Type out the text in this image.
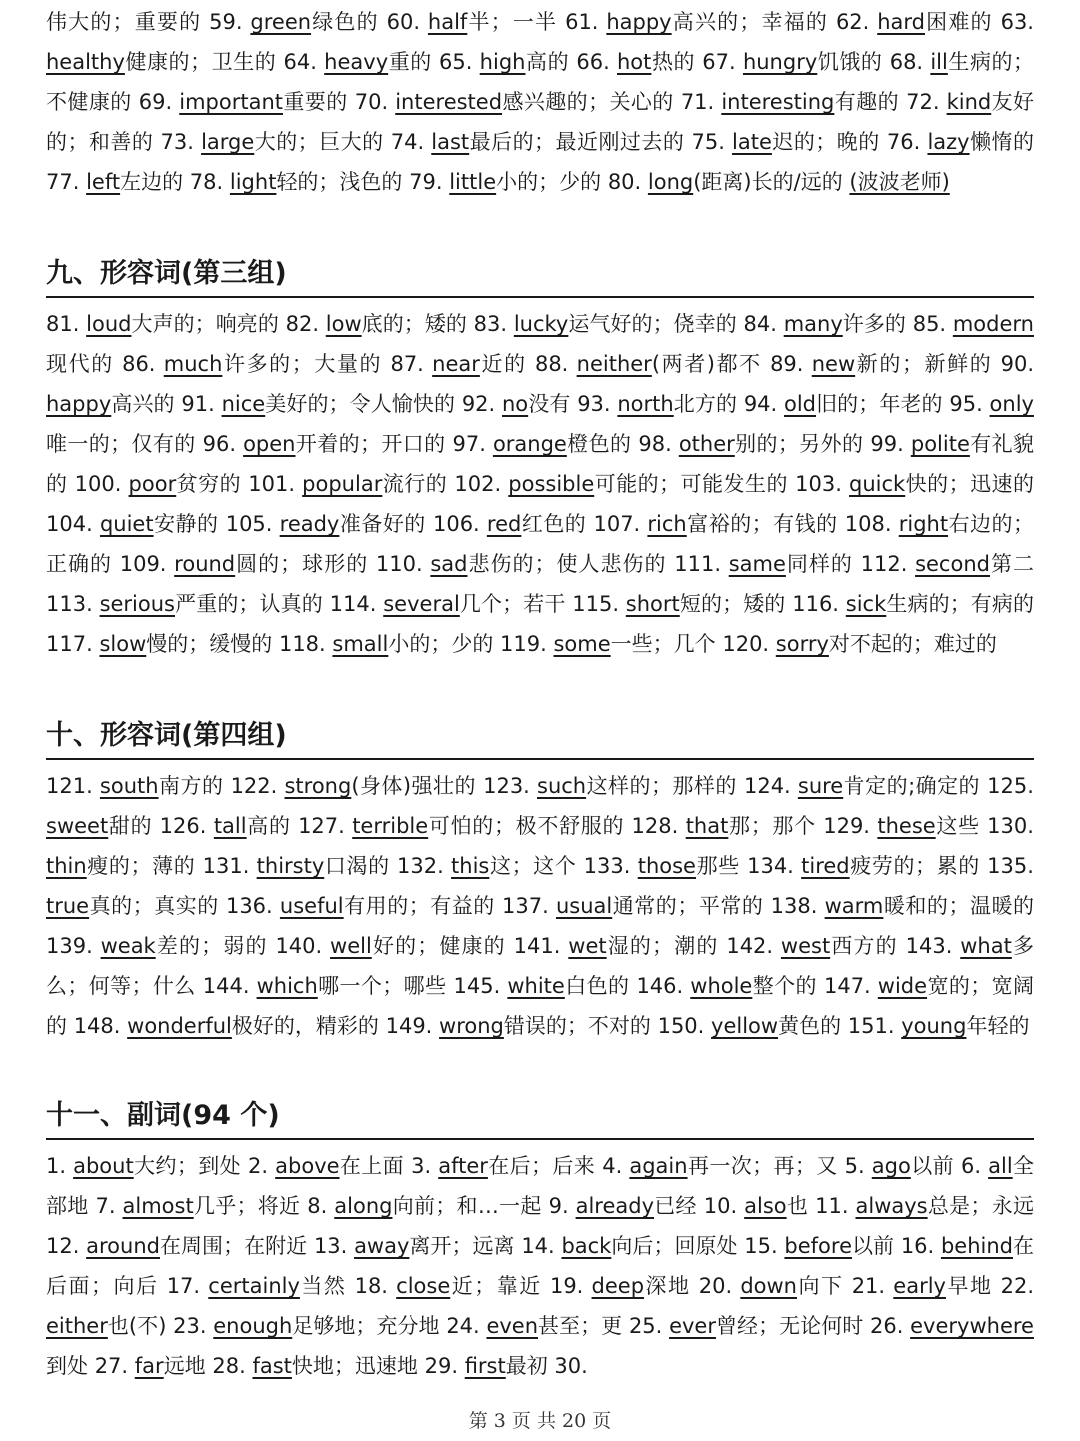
伟大的；重要的 59. green绿色的 60. half半；一半 61. happy高兴的；幸福的 62. hard困难的 63. healthy健康的；卫生的 64. heavy重的 65. high高的 66. hot热的 67. hungry饥饿的 68. ill生病的；不健康的 69. important重要的 70. interested感兴趣的；关心的 71. interesting有趣的 72. kind友好的；和善的 73. large大的；巨大的 74. last最后的；最近刚过去的 75. late迟的；晚的 76. lazy懒惰的 77. left左边的 78. light轻的；浅色的 79. little小的；少的 80. long(距离)长的/远的 (波波老师)
九、形容词(第三组)
81. loud大声的；响亮的 82. low底的；矮的 83. lucky运气好的；侥幸的 84. many许多的 85. modern现代的 86. much许多的；大量的 87. near近的 88. neither(两者)都不 89. new新的；新鲜的 90. happy高兴的 91. nice美好的；令人愉快的 92. no没有 93. north北方的 94. old旧的；年老的 95. only唯一的；仅有的 96. open开着的；开口的 97. orange橙色的 98. other别的；另外的 99. polite有礼貌的 100. poor贫穷的 101. popular流行的 102. possible可能的；可能发生的 103. quick快的；迅速的 104. quiet安静的 105. ready准备好的 106. red红色的 107. rich富裕的；有钱的 108. right右边的；正确的 109. round圆的；球形的 110. sad悲伤的；使人悲伤的 111. same同样的 112. second第二 113. serious严重的；认真的 114. several几个；若干 115. short短的；矮的 116. sick生病的；有病的 117. slow慢的；缓慢的 118. small小的；少的 119. some一些；几个 120. sorry对不起的；难过的
十、形容词(第四组)
121. south南方的 122. strong(身体)强壮的 123. such这样的；那样的 124. sure肯定的;确定的 125. sweet甜的 126. tall高的 127. terrible可怕的；极不舒服的 128. that那；那个 129. these这些 130. thin瘦的；薄的 131. thirsty口渴的 132. this这；这个 133. those那些 134. tired疲劳的；累的 135. true真的；真实的 136. useful有用的；有益的 137. usual通常的；平常的 138. warm暖和的；温暖的 139. weak差的；弱的 140. well好的；健康的 141. wet湿的；潮的 142. west西方的 143. what多么；何等；什么 144. which哪一个；哪些 145. white白色的 146. whole整个的 147. wide宽的；宽阔的 148. wonderful极好的，精彩的 149. wrong错误的；不对的 150. yellow黄色的 151. young年轻的
十一、副词(94 个)
1. about大约；到处 2. above在上面 3. after在后；后来 4. again再一次；再；又 5. ago以前 6. all全部地 7. almost几乎；将近 8. along向前；和…一起 9. already已经 10. also也 11. always总是；永远 12. around在周围；在附近 13. away离开；远离 14. back向后；回原处 15. before以前 16. behind在后面；向后 17. certainly当然 18. close近；靠近 19. deep深地 20. down向下 21. early早地 22. either也(不) 23. enough足够地；充分地 24. even甚至；更 25. ever曾经；无论何时 26. everywhere到处 27. far远地 28. fast快地；迅速地 29. first最初 30.
第 3 页 共 20 页
